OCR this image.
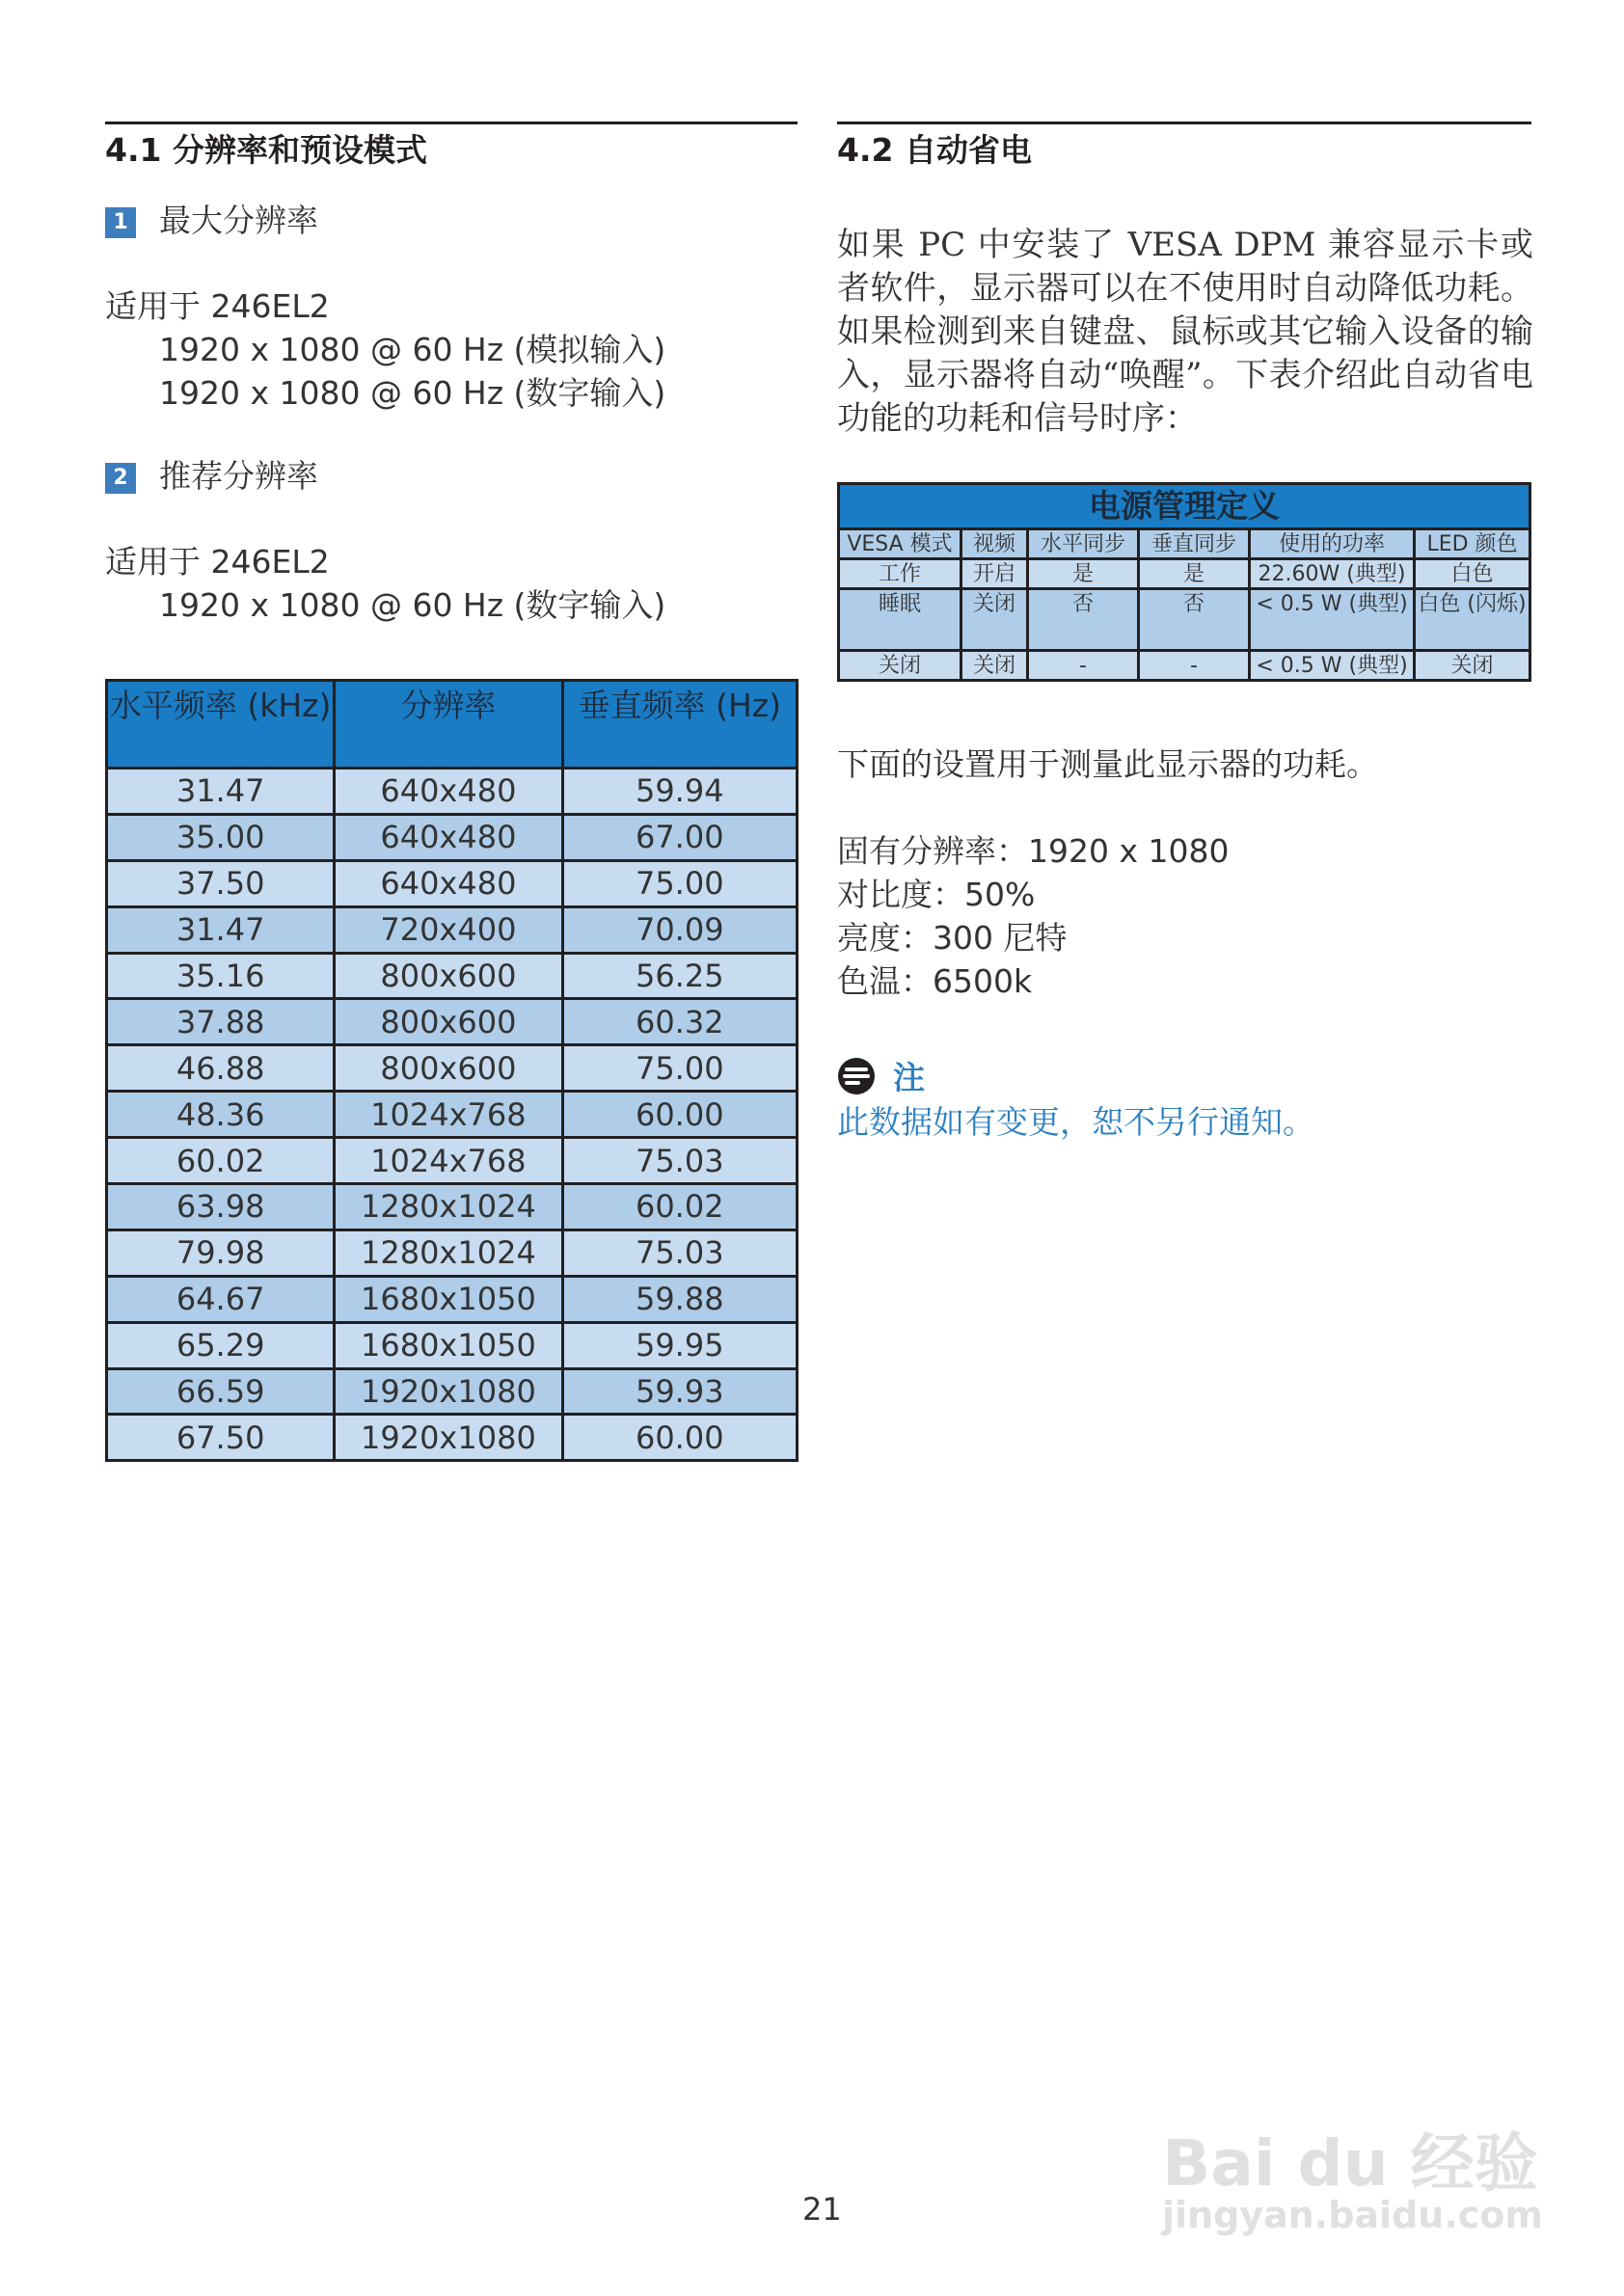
4.1 分辨率和预设模式
1 最大分辨率
适用于 246EL2
1920 x 1080 @ 60 Hz (模拟输入)
1920 x 1080 @ 60 Hz (数字输入)
2 推荐分辨率
适用于 246EL2
1920 x 1080 @ 60 Hz (数字输入)
水平频率 (kHz)	分辨率	垂直频率 (Hz)
31.47	640x480	59.94
35.00	640x480	67.00
37.50	640x480	75.00
31.47	720x400	70.09
35.16	800x600	56.25
37.88	800x600	60.32
46.88	800x600	75.00
48.36	1024x768	60.00
60.02	1024x768	75.03
63.98	1280x1024	60.02
79.98	1280x1024	75.03
64.67	1680x1050	59.88
65.29	1680x1050	59.95
66.59	1920x1080	59.93
67.50	1920x1080	60.00
4.2 自动省电
如果 PC 中安装了 VESA DPM 兼容显示卡或者软件，显示器可以在不使用时自动降低功耗。如果检测到来自键盘、鼠标或其它输入设备的输入，显示器将自动“唤醒”。下表介绍此自动省电功能的功耗和信号时序：
电源管理定义					
VESA 模式	视频	水平同步	垂直同步	使用的功率	LED 颜色
工作	开启	是	是	22.60W (典型)	白色
睡眠	关闭	否	否	< 0.5 W (典型)	白色 (闪烁)
关闭	关闭	-	-	< 0.5 W (典型)	关闭
下面的设置用于测量此显示器的功耗。
固有分辨率：1920 x 1080
对比度：50%
亮度：300 尼特
色温：6500k
注
此数据如有变更，恕不另行通知。
21
Bai du 经验
jingyan.baidu.com
